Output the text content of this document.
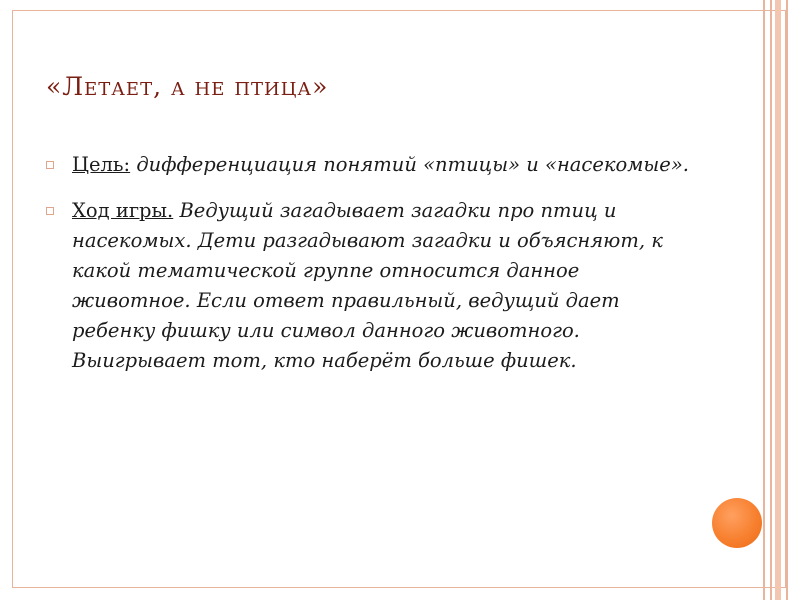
«Летает, а не птица»
Цель: дифференциация понятий «птицы» и «насекомые».
Ход игры. Ведущий загадывает загадки про птиц и насекомых. Дети разгадывают загадки и объясняют, к какой тематической группе относится данное животное. Если ответ правильный, ведущий дает ребенку фишку или символ данного животного. Выигрывает тот, кто наберёт больше фишек.
